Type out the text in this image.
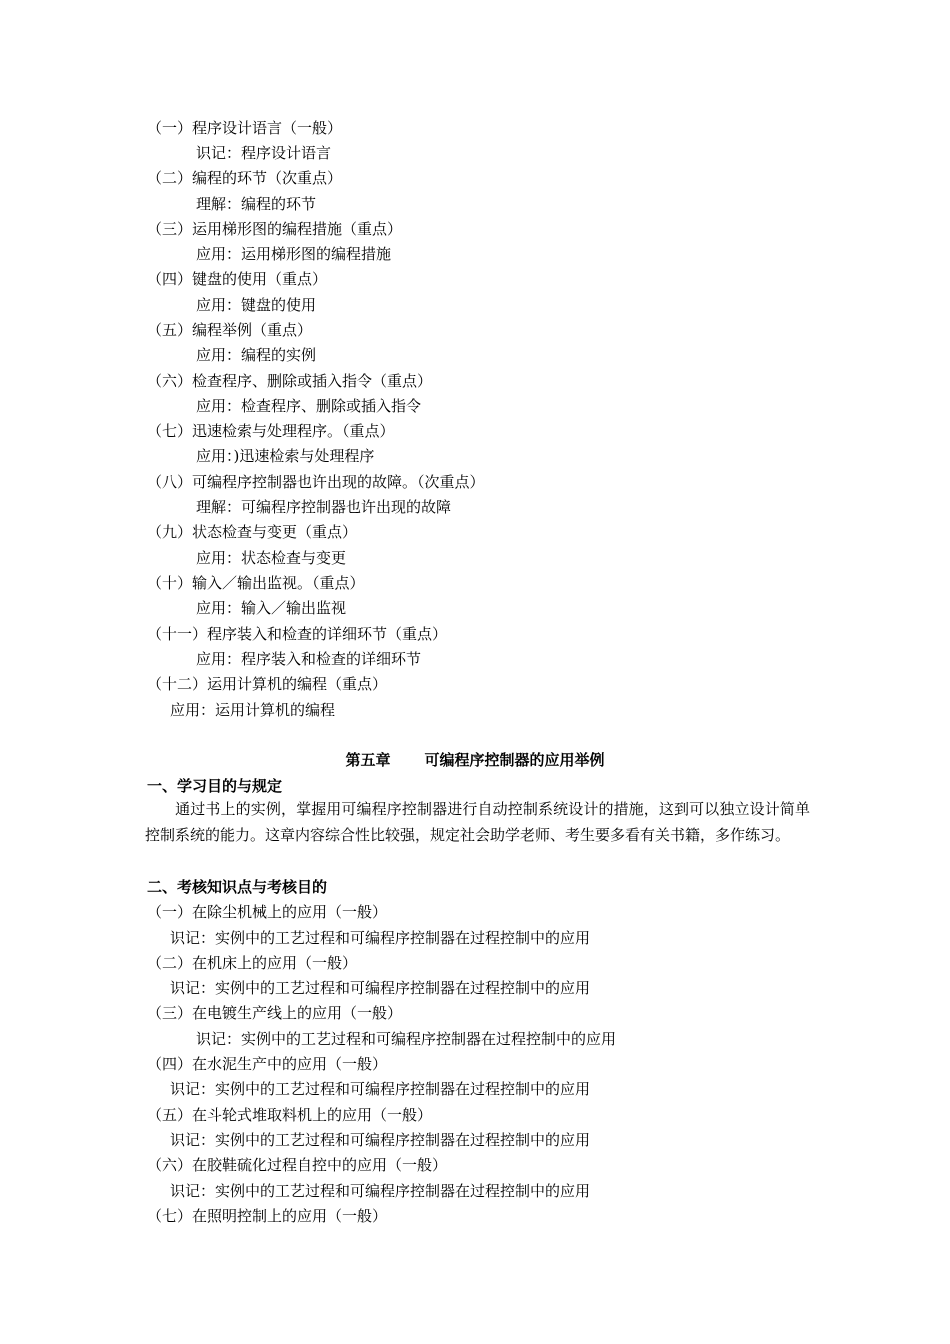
（一）程序设计语言（一般）
识记：程序设计语言
（二）编程的环节（次重点）
理解：编程的环节
（三）运用梯形图的编程措施（重点）
应用：运用梯形图的编程措施
（四）键盘的使用（重点）
应用：键盘的使用
（五）编程举例（重点）
应用：编程的实例
（六）检查程序、删除或插入指令（重点）
应用：检查程序、删除或插入指令
（七）迅速检索与处理程序。（重点）
应用：)迅速检索与处理程序
（八）可编程序控制器也许出现的故障。（次重点）
理解：可编程序控制器也许出现的故障
（九）状态检查与变更（重点）
应用：状态检查与变更
（十）输入／输出监视。（重点）
应用：输入／输出监视
（十一）程序装入和检查的详细环节（重点）
应用：程序装入和检查的详细环节
（十二）运用计算机的编程（重点）
应用：运用计算机的编程
第五章 可编程序控制器的应用举例
一、学习目的与规定
通过书上的实例，掌握用可编程序控制器进行自动控制系统设计的措施，这到可以独立设计简单控制系统的能力。这章内容综合性比较强，规定社会助学老师、考生要多看有关书籍，多作练习。
二、考核知识点与考核目的
（一）在除尘机械上的应用（一般）
识记：实例中的工艺过程和可编程序控制器在过程控制中的应用
（二）在机床上的应用（一般）
识记：实例中的工艺过程和可编程序控制器在过程控制中的应用
（三）在电镀生产线上的应用（一般）
识记：实例中的工艺过程和可编程序控制器在过程控制中的应用
（四）在水泥生产中的应用（一般）
识记：实例中的工艺过程和可编程序控制器在过程控制中的应用
（五）在斗轮式堆取料机上的应用（一般）
识记：实例中的工艺过程和可编程序控制器在过程控制中的应用
（六）在胶鞋硫化过程自控中的应用（一般）
识记：实例中的工艺过程和可编程序控制器在过程控制中的应用
（七）在照明控制上的应用（一般）
